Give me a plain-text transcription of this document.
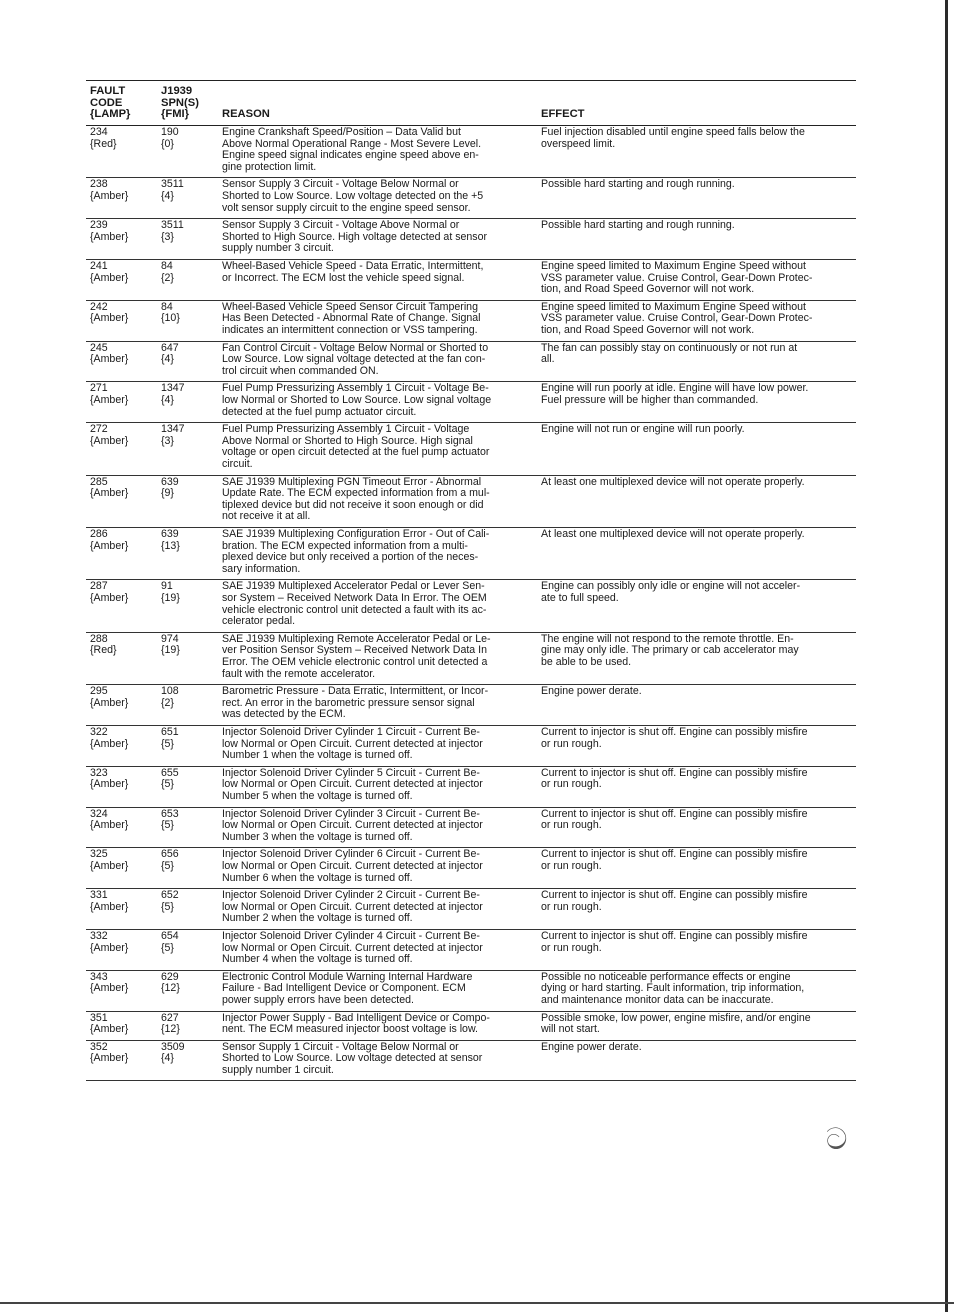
FAULT
CODE
{LAMP}
J1939
SPN(S)
{FMI}	REASON	EFFECT
234
{Red}
190
{0}
Engine Crankshaft Speed/Position – Data Valid but
Above Normal Operational Range - Most Severe Level.
Engine speed signal indicates engine speed above en-
gine protection limit.
Fuel injection disabled until engine speed falls below the
overspeed limit.
238
{Amber}
3511
{4}
Sensor Supply 3 Circuit - Voltage Below Normal or
Shorted to Low Source. Low voltage detected on the +5
volt sensor supply circuit to the engine speed sensor.
Possible hard starting and rough running.
239
{Amber}
3511
{3}
Sensor Supply 3 Circuit - Voltage Above Normal or
Shorted to High Source. High voltage detected at sensor
supply number 3 circuit.
Possible hard starting and rough running.
241
{Amber}
84
{2}
Wheel-Based Vehicle Speed - Data Erratic, Intermittent,
or Incorrect. The ECM lost the vehicle speed signal.
Engine speed limited to Maximum Engine Speed without
VSS parameter value. Cruise Control, Gear-Down Protec-
tion, and Road Speed Governor will not work.
242
{Amber}
84
{10}
Wheel-Based Vehicle Speed Sensor Circuit Tampering
Has Been Detected - Abnormal Rate of Change. Signal
indicates an intermittent connection or VSS tampering.
Engine speed limited to Maximum Engine Speed without
VSS parameter value. Cruise Control, Gear-Down Protec-
tion, and Road Speed Governor will not work.
245
{Amber}
647
{4}
Fan Control Circuit - Voltage Below Normal or Shorted to
Low Source. Low signal voltage detected at the fan con-
trol circuit when commanded ON.
The fan can possibly stay on continuously or not run at
all.
271
{Amber}
1347
{4}
Fuel Pump Pressurizing Assembly 1 Circuit - Voltage Be-
low Normal or Shorted to Low Source. Low signal voltage
detected at the fuel pump actuator circuit.
Engine will run poorly at idle. Engine will have low power.
Fuel pressure will be higher than commanded.
272
{Amber}
1347
{3}
Fuel Pump Pressurizing Assembly 1 Circuit - Voltage
Above Normal or Shorted to High Source. High signal
voltage or open circuit detected at the fuel pump actuator
circuit.
Engine will not run or engine will run poorly.
285
{Amber}
639
{9}
SAE J1939 Multiplexing PGN Timeout Error - Abnormal
Update Rate. The ECM expected information from a mul-
tiplexed device but did not receive it soon enough or did
not receive it at all.
At least one multiplexed device will not operate properly.
286
{Amber}
639
{13}
SAE J1939 Multiplexing Configuration Error - Out of Cali-
bration. The ECM expected information from a multi-
plexed device but only received a portion of the neces-
sary information.
At least one multiplexed device will not operate properly.
287
{Amber}
91
{19}
SAE J1939 Multiplexed Accelerator Pedal or Lever Sen-
sor System – Received Network Data In Error. The OEM
vehicle electronic control unit detected a fault with its ac-
celerator pedal.
Engine can possibly only idle or engine will not acceler-
ate to full speed.
288
{Red}
974
{19}
SAE J1939 Multiplexing Remote Accelerator Pedal or Le-
ver Position Sensor System – Received Network Data In
Error. The OEM vehicle electronic control unit detected a
fault with the remote accelerator.
The engine will not respond to the remote throttle. En-
gine may only idle. The primary or cab accelerator may
be able to be used.
295
{Amber}
108
{2}
Barometric Pressure - Data Erratic, Intermittent, or Incor-
rect. An error in the barometric pressure sensor signal
was detected by the ECM.
Engine power derate.
322
{Amber}
651
{5}
Injector Solenoid Driver Cylinder 1 Circuit - Current Be-
low Normal or Open Circuit. Current detected at injector
Number 1 when the voltage is turned off.
Current to injector is shut off. Engine can possibly misfire
or run rough.
323
{Amber}
655
{5}
Injector Solenoid Driver Cylinder 5 Circuit - Current Be-
low Normal or Open Circuit. Current detected at injector
Number 5 when the voltage is turned off.
Current to injector is shut off. Engine can possibly misfire
or run rough.
324
{Amber}
653
{5}
Injector Solenoid Driver Cylinder 3 Circuit - Current Be-
low Normal or Open Circuit. Current detected at injector
Number 3 when the voltage is turned off.
Current to injector is shut off. Engine can possibly misfire
or run rough.
325
{Amber}
656
{5}
Injector Solenoid Driver Cylinder 6 Circuit - Current Be-
low Normal or Open Circuit. Current detected at injector
Number 6 when the voltage is turned off.
Current to injector is shut off. Engine can possibly misfire
or run rough.
331
{Amber}
652
{5}
Injector Solenoid Driver Cylinder 2 Circuit - Current Be-
low Normal or Open Circuit. Current detected at injector
Number 2 when the voltage is turned off.
Current to injector is shut off. Engine can possibly misfire
or run rough.
332
{Amber}
654
{5}
Injector Solenoid Driver Cylinder 4 Circuit - Current Be-
low Normal or Open Circuit. Current detected at injector
Number 4 when the voltage is turned off.
Current to injector is shut off. Engine can possibly misfire
or run rough.
343
{Amber}
629
{12}
Electronic Control Module Warning Internal Hardware
Failure - Bad Intelligent Device or Component. ECM
power supply errors have been detected.
Possible no noticeable performance effects or engine
dying or hard starting. Fault information, trip information,
and maintenance monitor data can be inaccurate.
351
{Amber}
627
{12}
Injector Power Supply - Bad Intelligent Device or Compo-
nent. The ECM measured injector boost voltage is low.
Possible smoke, low power, engine misfire, and/or engine
will not start.
352
{Amber}
3509
{4}
Sensor Supply 1 Circuit - Voltage Below Normal or
Shorted to Low Source. Low voltage detected at sensor
supply number 1 circuit.
Engine power derate.
ට
